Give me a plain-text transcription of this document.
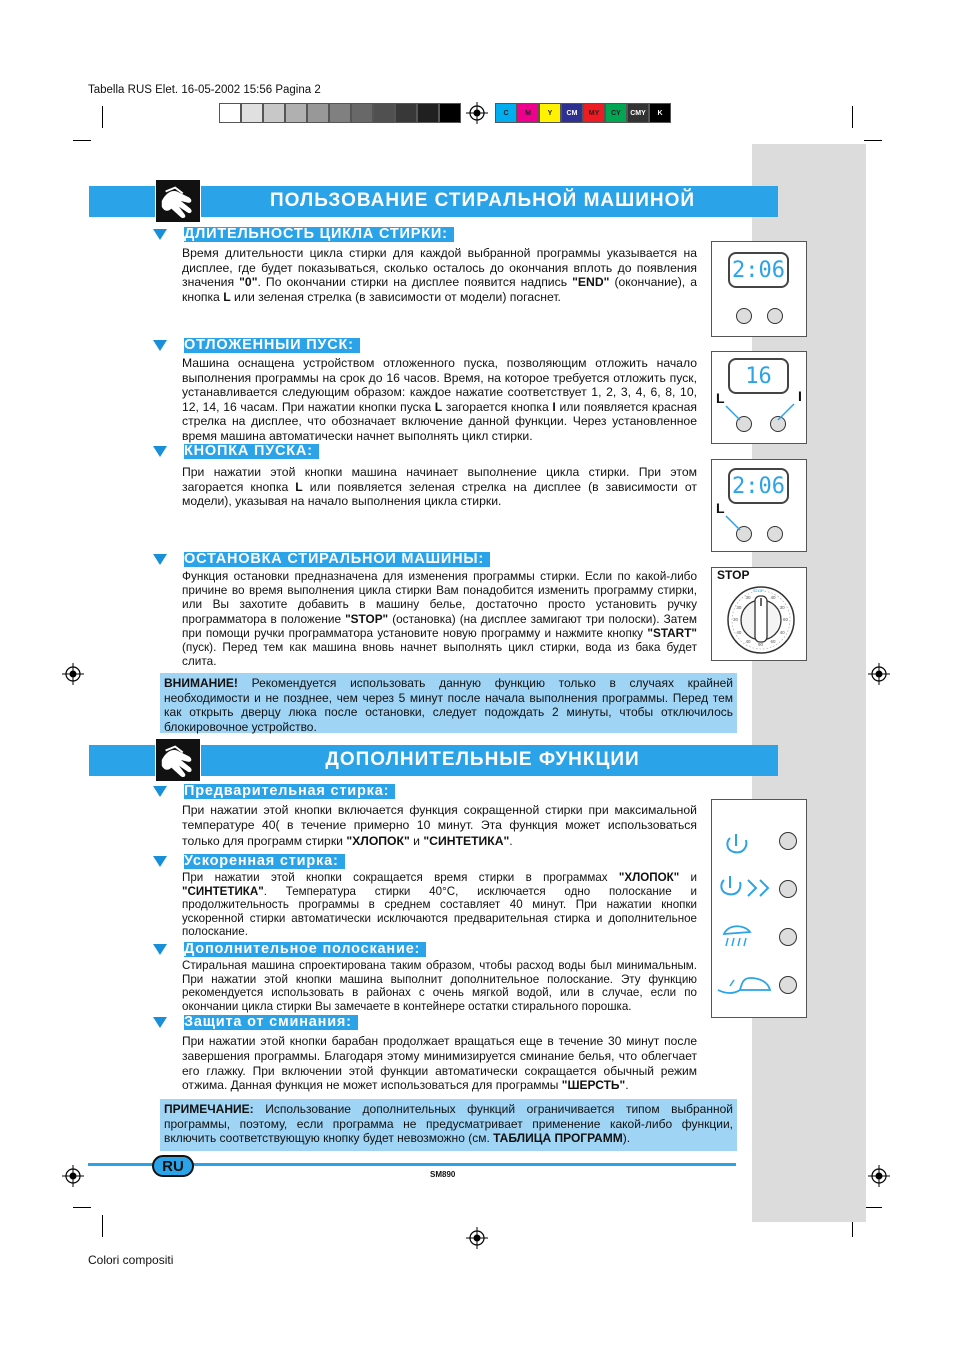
Tabella RUS Elet. 16-05-2002 15:56 Pagina 2
C	M	Y	CM	MY	CY	CMY	K
ПОЛЬЗОВАНИЕ СТИРАЛЬНОЙ МАШИНОЙ
ДЛИТЕЛЬНОСТЬ ЦИКЛА СТИРКИ:

Время длительности цикла стирки для каждой выбранной программы указывается на дисплее, где будет показываться, сколько осталось до окончания вплоть до появления значения "0". По окончании стирки на дисплее появится надпись "END" (окончание), а кнопка L или зеленая стрелка (в зависимости от модели) погаснет.

2:06
ОТЛОЖЕННЫЙ ПУСК:

Машина оснащена устройством отложенного пуска, позволяющим отложить начало выполнения программы на срок до 16 часов. Время, на которое требуется отложить пуск, устанавливается следующим образом: каждое нажатие соответствует 1, 2, 3, 4, 6, 8, 10, 12, 14, 16 часам. При нажатии кнопки пуска L загорается кнопка I или появляется красная стрелка на дисплее, что обозначает включение данной функции. Через установленное время машина автоматически начнет выполнять цикл стирки.

16
L	I
КНОПКА ПУСКА:

При нажатии этой кнопки машина начинает выполнение цикла стирки. При этом загорается кнопка L или появляется зеленая стрелка на дисплее (в зависимости от модели), указывая на начало выполнения цикла стирки.

2:06
L
ОСТАНОВКА СТИРАЛЬНОЙ МАШИНЫ:

Функция остановки предназначена для изменения программы стирки. Если по какой-либо причине во время выполнения цикла стирки Вам понадобится изменить программу стирки, или Вы захотите добавить в машину белье, достаточно просто установить ручку программатора в положение "STOP" (остановка) (на дисплее замигают три полоски). Затем при помощи ручки программатора установите новую программу и нажмите кнопку "START" (пуск). Перед тем как машина вновь начнет выполнять цикл стирки, вода из бака будет слита.

STOP
STOP
40
30
60
40
60
90
40
40
30
30
30
ВНИМАНИЕ! Рекомендуется использовать данную функцию только в случаях крайней необходимости и не позднее, чем через 5 минут после начала выполнения программы. Перед тем как открыть дверцу люка после остановки, следует подождать 2 минуты, чтобы отключилось блокировочное устройство.
ДОПОЛНИТЕЛЬНЫЕ ФУНКЦИИ
Предварительная стирка:

При нажатии этой кнопки включается функция сокращенной стирки при максимальной температуре 40( в течение примерно 10 минут. Эта функция может использоваться только для программ стирки "ХЛОПОК" и "СИНТЕТИКА".

Ускоренная стирка:

При нажатии этой кнопки сокращается время стирки в программах "ХЛОПОК" и "СИНТЕТИКА". Температура стирки 40°С, исключается одно полоскание и продолжительность программы в среднем составляет 40 минут. При нажатии кнопки ускоренной стирки автоматически исключаются предварительная стирка и дополнительное полоскание.

Дополнительное полоскание:

Стиральная машина спроектирована таким образом, чтобы расход воды был минимальным. При нажатии этой кнопки машина выполнит дополнительное полоскание. Эту функцию рекомендуется использовать в районах с очень мягкой водой, или в случае, если по окончании цикла стирки Вы замечаете в контейнере остатки стирального порошка.

Защита от сминания:

При нажатии этой кнопки барабан продолжает вращаться еще в течение 30 минут после завершения программы. Благодаря этому минимизируется сминание белья, что облегчает его глажку. При включении этой функции автоматически сокращается обычный режим отжима. Данная функция не может использоваться для программы "ШЕРСТЬ".

ПРИМЕЧАНИЕ: Использование дополнительных функций ограничивается типом выбранной программы, поэтому, если программа не предусматривает применение какой-либо функции, включить соответствующую кнопку будет невозможно (см. ТАБЛИЦА ПРОГРАММ).
RU	SM890
Colori compositi
